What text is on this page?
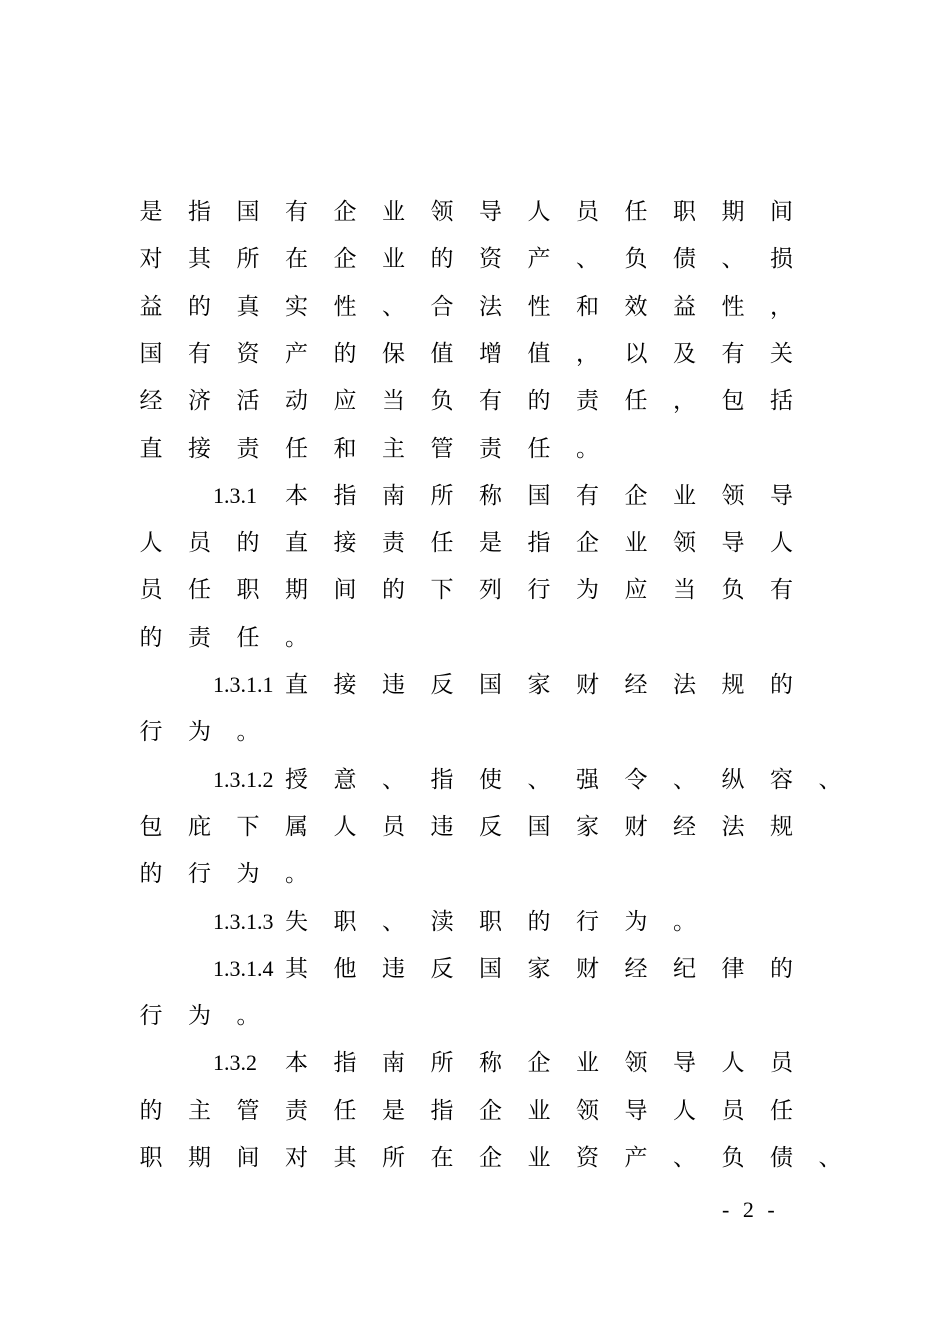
是 指 国 有 企 业 领 导 人 员 任 职 期 间
对 其 所 在 企 业 的 资 产 、 负 债 、 损
益 的 真 实 性 、 合 法 性 和 效 益 性 ，
国 有 资 产 的 保 值 增 值 ， 以 及 有 关
经 济 活 动 应 当 负 有 的 责 任 ， 包 括
直 接 责 任 和 主 管 责 任 。
1.3.1 本 指 南 所 称 国 有 企 业 领 导
人 员 的 直 接 责 任 是 指 企 业 领 导 人
员 任 职 期 间 的 下 列 行 为 应 当 负 有
的 责 任 。
1.3.1.1 直 接 违 反 国 家 财 经 法 规 的
行 为 。
1.3.1.2 授 意 、 指 使 、 强 令 、 纵 容 、
包 庇 下 属 人 员 违 反 国 家 财 经 法 规
的 行 为 。
1.3.1.3 失 职 、 渎 职 的 行 为 。
1.3.1.4 其 他 违 反 国 家 财 经 纪 律 的
行 为 。
1.3.2 本 指 南 所 称 企 业 领 导 人 员
的 主 管 责 任 是 指 企 业 领 导 人 员 任
职 期 间 对 其 所 在 企 业 资 产 、 负 债 、
- 2 -
